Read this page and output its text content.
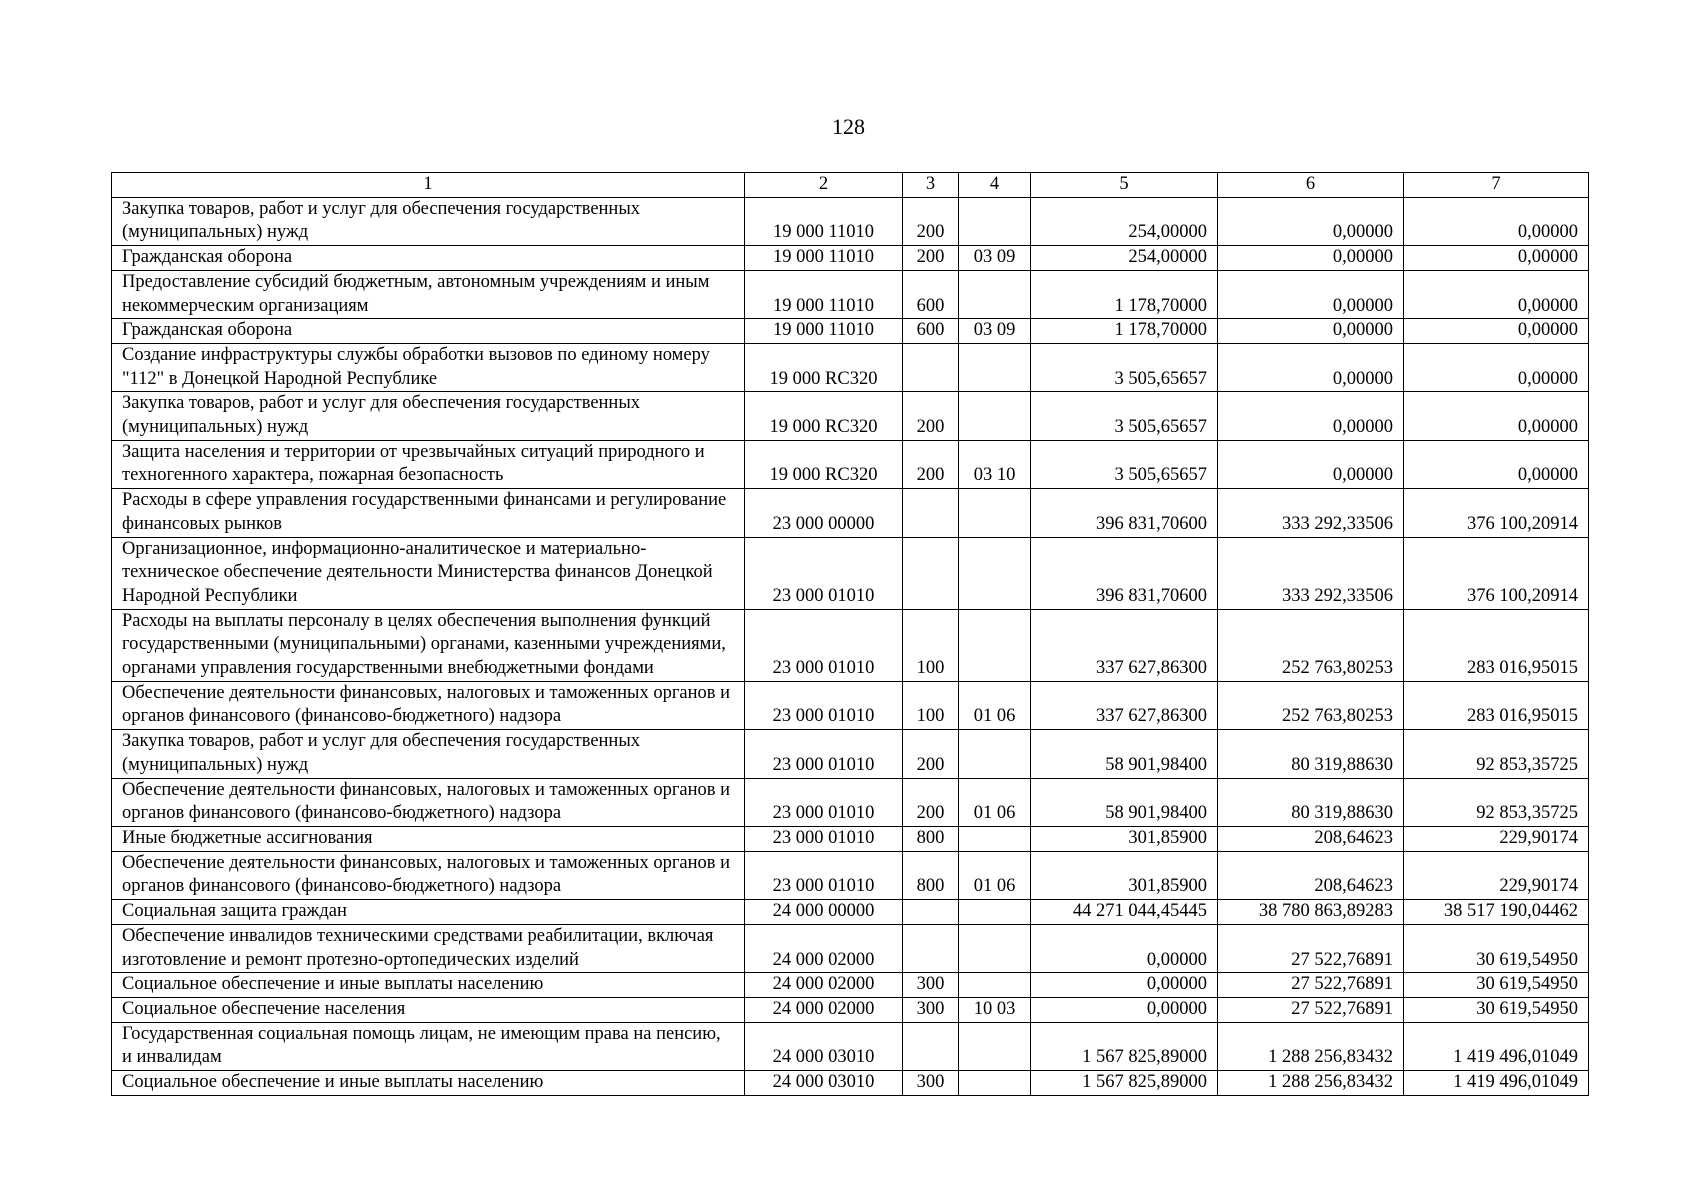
128
1	2	3	4	5	6	7
Закупка товаров, работ и услуг для обеспечения государственных (муниципальных) нужд	19 000 11010	200		254,00000	0,00000	0,00000
Гражданская оборона	19 000 11010	200	03 09	254,00000	0,00000	0,00000
Предоставление субсидий бюджетным, автономным учреждениям и иным некоммерческим организациям	19 000 11010	600		1 178,70000	0,00000	0,00000
Гражданская оборона	19 000 11010	600	03 09	1 178,70000	0,00000	0,00000
Создание инфраструктуры службы обработки вызовов по единому номеру "112" в Донецкой Народной Республике	19 000 RC320			3 505,65657	0,00000	0,00000
Закупка товаров, работ и услуг для обеспечения государственных (муниципальных) нужд	19 000 RC320	200		3 505,65657	0,00000	0,00000
Защита населения и территории от чрезвычайных ситуаций природного и техногенного характера, пожарная безопасность	19 000 RC320	200	03 10	3 505,65657	0,00000	0,00000
Расходы в сфере управления государственными финансами и регулирование финансовых рынков	23 000 00000			396 831,70600	333 292,33506	376 100,20914
Организационное, информационно-аналитическое и материально-техническое обеспечение деятельности Министерства финансов Донецкой Народной Республики	23 000 01010			396 831,70600	333 292,33506	376 100,20914
Расходы на выплаты персоналу в целях обеспечения выполнения функций государственными (муниципальными) органами, казенными учреждениями, органами управления государственными внебюджетными фондами	23 000 01010	100		337 627,86300	252 763,80253	283 016,95015
Обеспечение деятельности финансовых, налоговых и таможенных органов и органов финансового (финансово-бюджетного) надзора	23 000 01010	100	01 06	337 627,86300	252 763,80253	283 016,95015
Закупка товаров, работ и услуг для обеспечения государственных (муниципальных) нужд	23 000 01010	200		58 901,98400	80 319,88630	92 853,35725
Обеспечение деятельности финансовых, налоговых и таможенных органов и органов финансового (финансово-бюджетного) надзора	23 000 01010	200	01 06	58 901,98400	80 319,88630	92 853,35725
Иные бюджетные ассигнования	23 000 01010	800		301,85900	208,64623	229,90174
Обеспечение деятельности финансовых, налоговых и таможенных органов и органов финансового (финансово-бюджетного) надзора	23 000 01010	800	01 06	301,85900	208,64623	229,90174
Социальная защита граждан	24 000 00000			44 271 044,45445	38 780 863,89283	38 517 190,04462
Обеспечение инвалидов техническими средствами реабилитации, включая изготовление и ремонт протезно-ортопедических изделий	24 000 02000			0,00000	27 522,76891	30 619,54950
Социальное обеспечение и иные выплаты населению	24 000 02000	300		0,00000	27 522,76891	30 619,54950
Социальное обеспечение населения	24 000 02000	300	10 03	0,00000	27 522,76891	30 619,54950
Государственная социальная помощь лицам, не имеющим права на пенсию, и инвалидам	24 000 03010			1 567 825,89000	1 288 256,83432	1 419 496,01049
Социальное обеспечение и иные выплаты населению	24 000 03010	300		1 567 825,89000	1 288 256,83432	1 419 496,01049
